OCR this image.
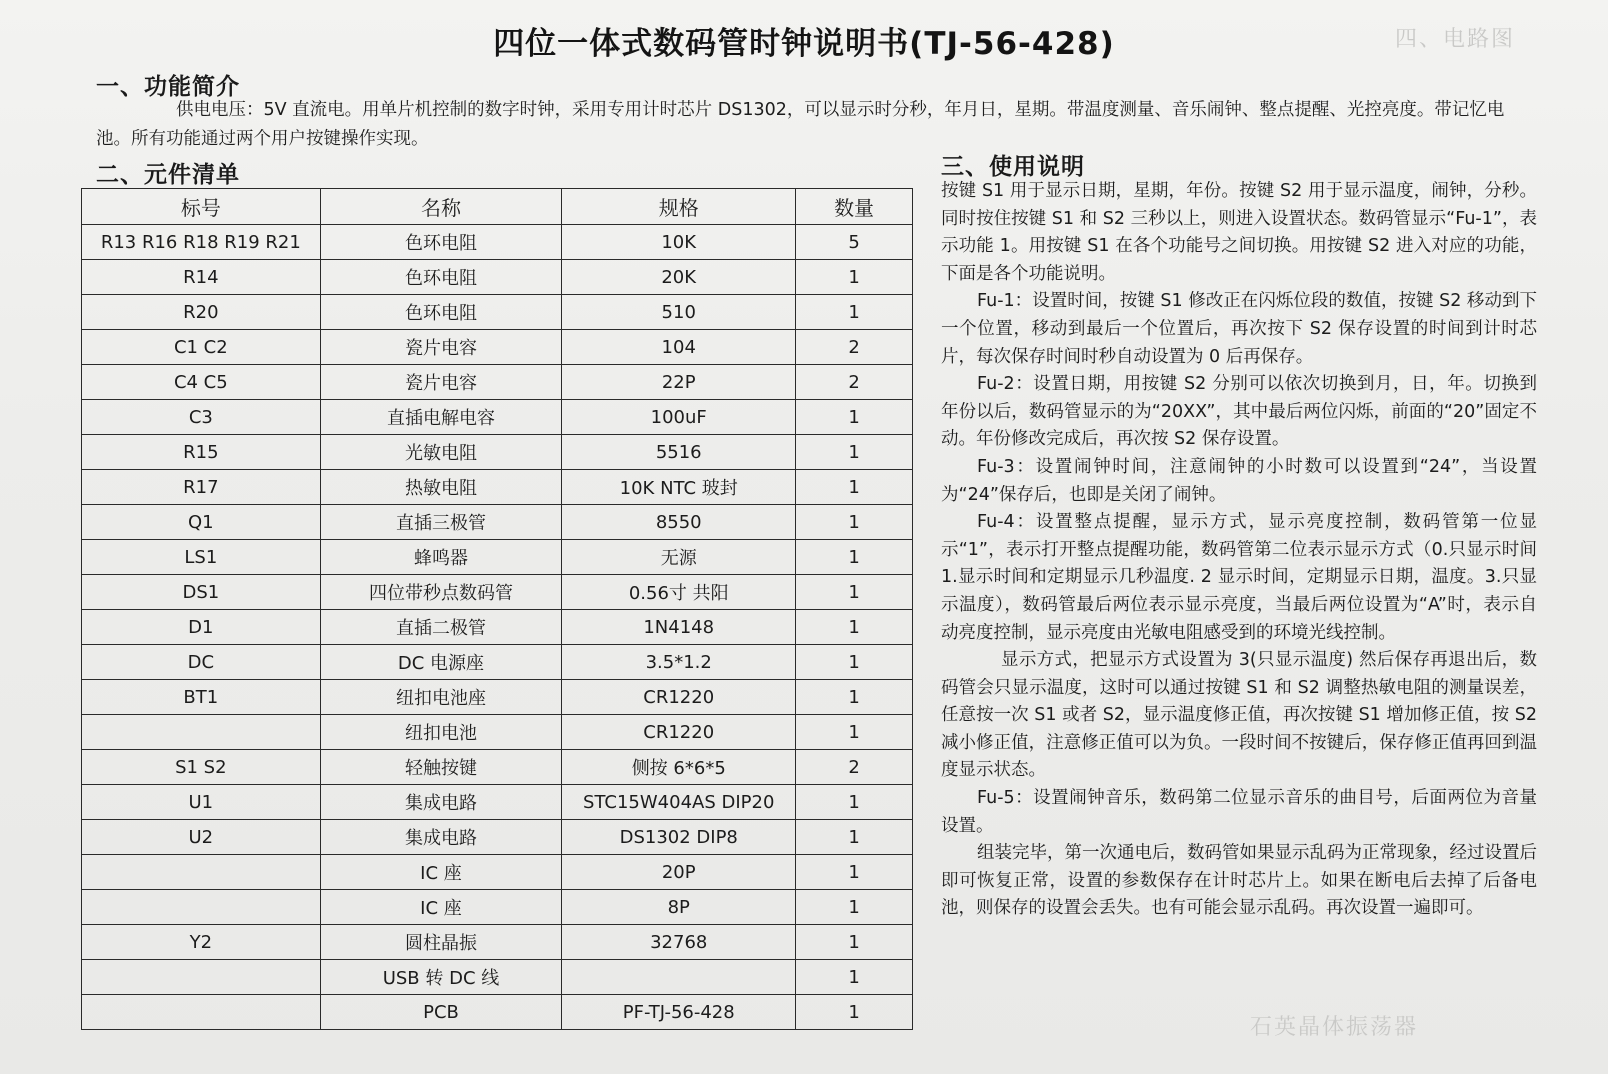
四、电路图
石英晶体振荡器
四位一体式数码管时钟说明书(TJ-56-428)
一、功能简介
供电电压：5V 直流电。用单片机控制的数字时钟，采用专用计时芯片 DS1302，可以显示时分秒，年月日，星期。带温度测量、音乐闹钟、整点提醒、光控亮度。带记忆电池。所有功能通过两个用户按键操作实现。
二、元件清单
标号	名称	规格	数量
R13 R16 R18 R19 R21	色环电阻	10K	5
R14	色环电阻	20K	1
R20	色环电阻	510	1
C1 C2	瓷片电容	104	2
C4 C5	瓷片电容	22P	2
C3	直插电解电容	100uF	1
R15	光敏电阻	5516	1
R17	热敏电阻	10K NTC 玻封	1
Q1	直插三极管	8550	1
LS1	蜂鸣器	无源	1
DS1	四位带秒点数码管	0.56寸 共阳	1
D1	直插二极管	1N4148	1
DC	DC 电源座	3.5*1.2	1
BT1	纽扣电池座	CR1220	1
	纽扣电池	CR1220	1
S1 S2	轻触按键	侧按 6*6*5	2
U1	集成电路	STC15W404AS DIP20	1
U2	集成电路	DS1302 DIP8	1
	IC 座	20P	1
	IC 座	8P	1
Y2	圆柱晶振	32768	1
	USB 转 DC 线		1
	PCB	PF-TJ-56-428	1
三、使用说明

按键 S1 用于显示日期，星期，年份。按键 S2 用于显示温度，闹钟，分秒。同时按住按键 S1 和 S2 三秒以上，则进入设置状态。数码管显示“Fu-1”，表示功能 1。用按键 S1 在各个功能号之间切换。用按键 S2 进入对应的功能，下面是各个功能说明。

Fu-1：设置时间，按键 S1 修改正在闪烁位段的数值，按键 S2 移动到下一个位置，移动到最后一个位置后，再次按下 S2 保存设置的时间到计时芯片，每次保存时间时秒自动设置为 0 后再保存。

Fu-2：设置日期，用按键 S2 分别可以依次切换到月，日，年。切换到年份以后，数码管显示的为“20XX”，其中最后两位闪烁，前面的“20”固定不动。年份修改完成后，再次按 S2 保存设置。

Fu-3：设置闹钟时间，注意闹钟的小时数可以设置到“24”，当设置为“24”保存后，也即是关闭了闹钟。

Fu-4：设置整点提醒，显示方式，显示亮度控制，数码管第一位显示“1”，表示打开整点提醒功能，数码管第二位表示显示方式（0.只显示时间 1.显示时间和定期显示几秒温度. 2 显示时间，定期显示日期，温度。3.只显示温度），数码管最后两位表示显示亮度，当最后两位设置为“A”时，表示自动亮度控制，显示亮度由光敏电阻感受到的环境光线控制。

显示方式，把显示方式设置为 3(只显示温度) 然后保存再退出后，数码管会只显示温度，这时可以通过按键 S1 和 S2 调整热敏电阻的测量误差，任意按一次 S1 或者 S2，显示温度修正值，再次按键 S1 增加修正值，按 S2 减小修正值，注意修正值可以为负。一段时间不按键后，保存修正值再回到温度显示状态。

Fu-5：设置闹钟音乐，数码第二位显示音乐的曲目号，后面两位为音量设置。

组装完毕，第一次通电后，数码管如果显示乱码为正常现象，经过设置后即可恢复正常，设置的参数保存在计时芯片上。如果在断电后去掉了后备电池，则保存的设置会丢失。也有可能会显示乱码。再次设置一遍即可。
